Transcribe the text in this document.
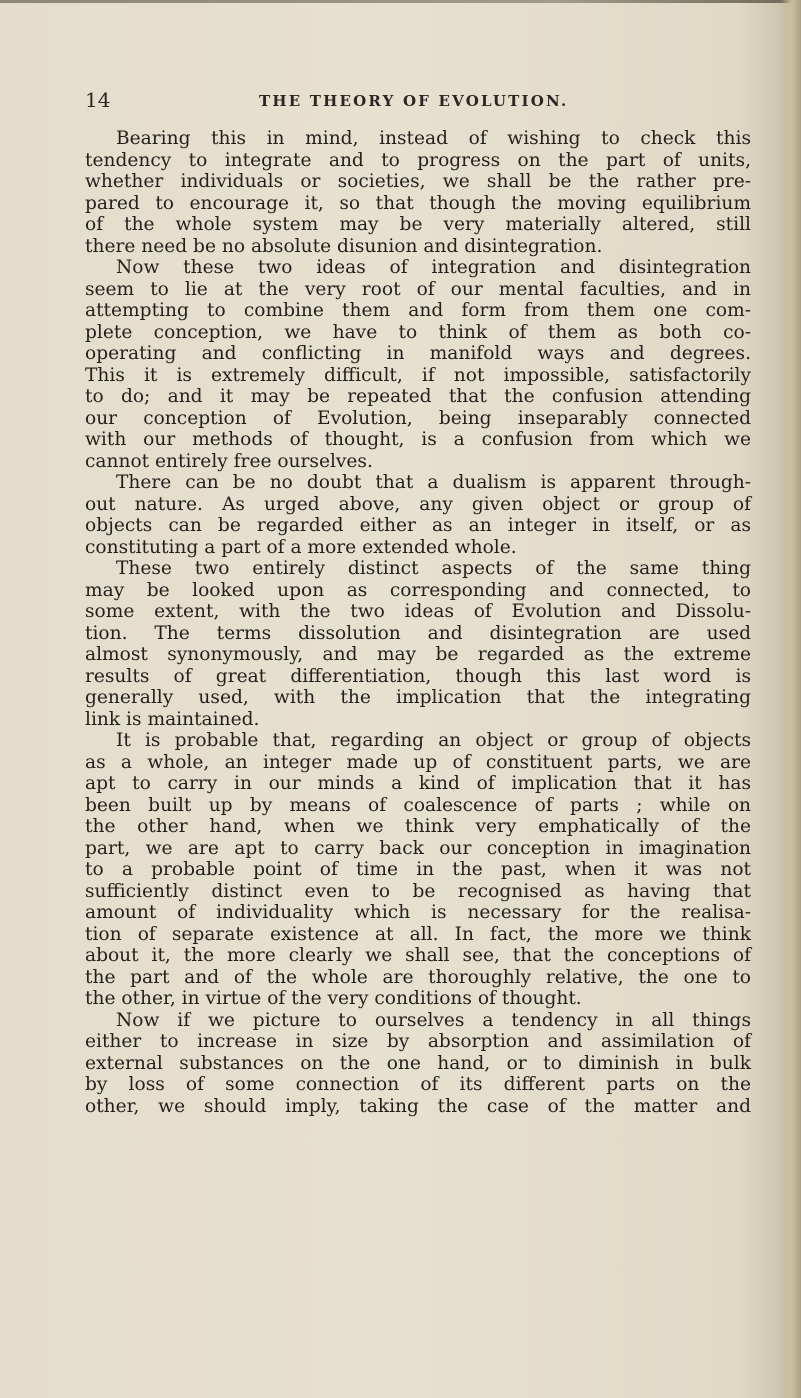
14	THE THEORY OF EVOLUTION.
Bearing this in mind, instead of wishing to check this
tendency to integrate and to progress on the part of units,
whether individuals or societies, we shall be the rather pre-
pared to encourage it, so that though the moving equilibrium
of the whole system may be very materially altered, still
there need be no absolute disunion and disintegration.
Now these two ideas of integration and disintegration
seem to lie at the very root of our mental faculties, and in
attempting to combine them and form from them one com-
plete conception, we have to think of them as both co-
operating and conflicting in manifold ways and degrees.
This it is extremely difficult, if not impossible, satisfactorily
to do; and it may be repeated that the confusion attending
our conception of Evolution, being inseparably connected
with our methods of thought, is a confusion from which we
cannot entirely free ourselves.
There can be no doubt that a dualism is apparent through-
out nature. As urged above, any given object or group of
objects can be regarded either as an integer in itself, or as
constituting a part of a more extended whole.
These two entirely distinct aspects of the same thing
may be looked upon as corresponding and connected, to
some extent, with the two ideas of Evolution and Dissolu-
tion. The terms dissolution and disintegration are used
almost synonymously, and may be regarded as the extreme
results of great differentiation, though this last word is
generally used, with the implication that the integrating
link is maintained.
It is probable that, regarding an object or group of objects
as a whole, an integer made up of constituent parts, we are
apt to carry in our minds a kind of implication that it has
been built up by means of coalescence of parts ; while on
the other hand, when we think very emphatically of the
part, we are apt to carry back our conception in imagination
to a probable point of time in the past, when it was not
sufficiently distinct even to be recognised as having that
amount of individuality which is necessary for the realisa-
tion of separate existence at all. In fact, the more we think
about it, the more clearly we shall see, that the conceptions of
the part and of the whole are thoroughly relative, the one to
the other, in virtue of the very conditions of thought.
Now if we picture to ourselves a tendency in all things
either to increase in size by absorption and assimilation of
external substances on the one hand, or to diminish in bulk
by loss of some connection of its different parts on the
other, we should imply, taking the case of the matter and
